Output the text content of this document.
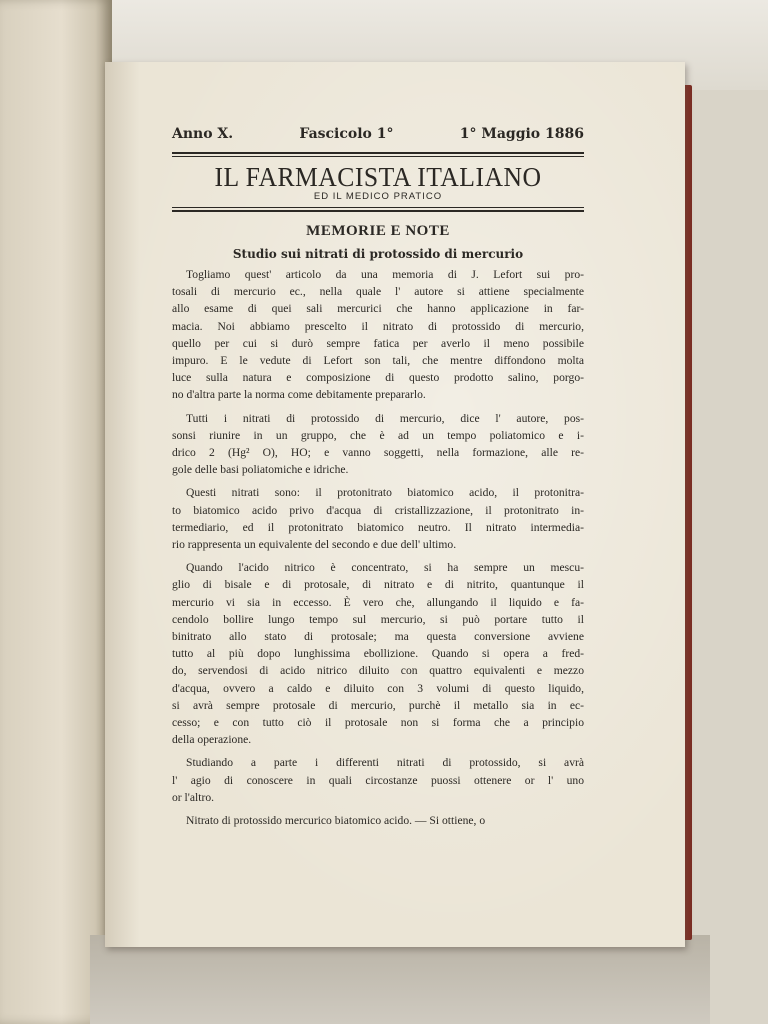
Anno X.	Fascicolo 1°	1° Maggio 1886
IL FARMACISTA ITALIANO
ED IL MEDICO PRATICO
MEMORIE E NOTE
Studio sui nitrati di protossido di mercurio
Togliamo quest' articolo da una memoria di J. Lefort sui pro-
tosali di mercurio ec., nella quale l' autore si attiene specialmente
allo esame di quei sali mercurici che hanno applicazione in far-
macia. Noi abbiamo prescelto il nitrato di protossido di mercurio,
quello per cui si durò sempre fatica per averlo il meno possibile
impuro. E le vedute di Lefort son tali, che mentre diffondono molta
luce sulla natura e composizione di questo prodotto salino, porgo-
no d'altra parte la norma come debitamente prepararlo.
Tutti i nitrati di protossido di mercurio, dice l' autore, pos-
sonsi riunire in un gruppo, che è ad un tempo poliatomico e i-
drico 2 (Hg² O), HO; e vanno soggetti, nella formazione, alle re-
gole delle basi poliatomiche e idriche.
Questi nitrati sono: il protonitrato biatomico acido, il protonitra-
to biatomico acido privo d'acqua di cristallizzazione, il protonitrato in-
termediario, ed il protonitrato biatomico neutro. Il nitrato intermedia-
rio rappresenta un equivalente del secondo e due dell' ultimo.
Quando l'acido nitrico è concentrato, si ha sempre un mescu-
glio di bisale e di protosale, di nitrato e di nitrito, quantunque il
mercurio vi sia in eccesso. È vero che, allungando il liquido e fa-
cendolo bollire lungo tempo sul mercurio, si può portare tutto il
binitrato allo stato di protosale; ma questa conversione avviene
tutto al più dopo lunghissima ebollizione. Quando si opera a fred-
do, servendosi di acido nitrico diluito con quattro equivalenti e mezzo
d'acqua, ovvero a caldo e diluito con 3 volumi di questo liquido,
si avrà sempre protosale di mercurio, purchè il metallo sia in ec-
cesso; e con tutto ciò il protosale non si forma che a principio
della operazione.
Studiando a parte i differenti nitrati di protossido, si avrà
l' agio di conoscere in quali circostanze puossi ottenere or l' uno
or l'altro.
Nitrato di protossido mercurico biatomico acido. — Si ottiene, o
